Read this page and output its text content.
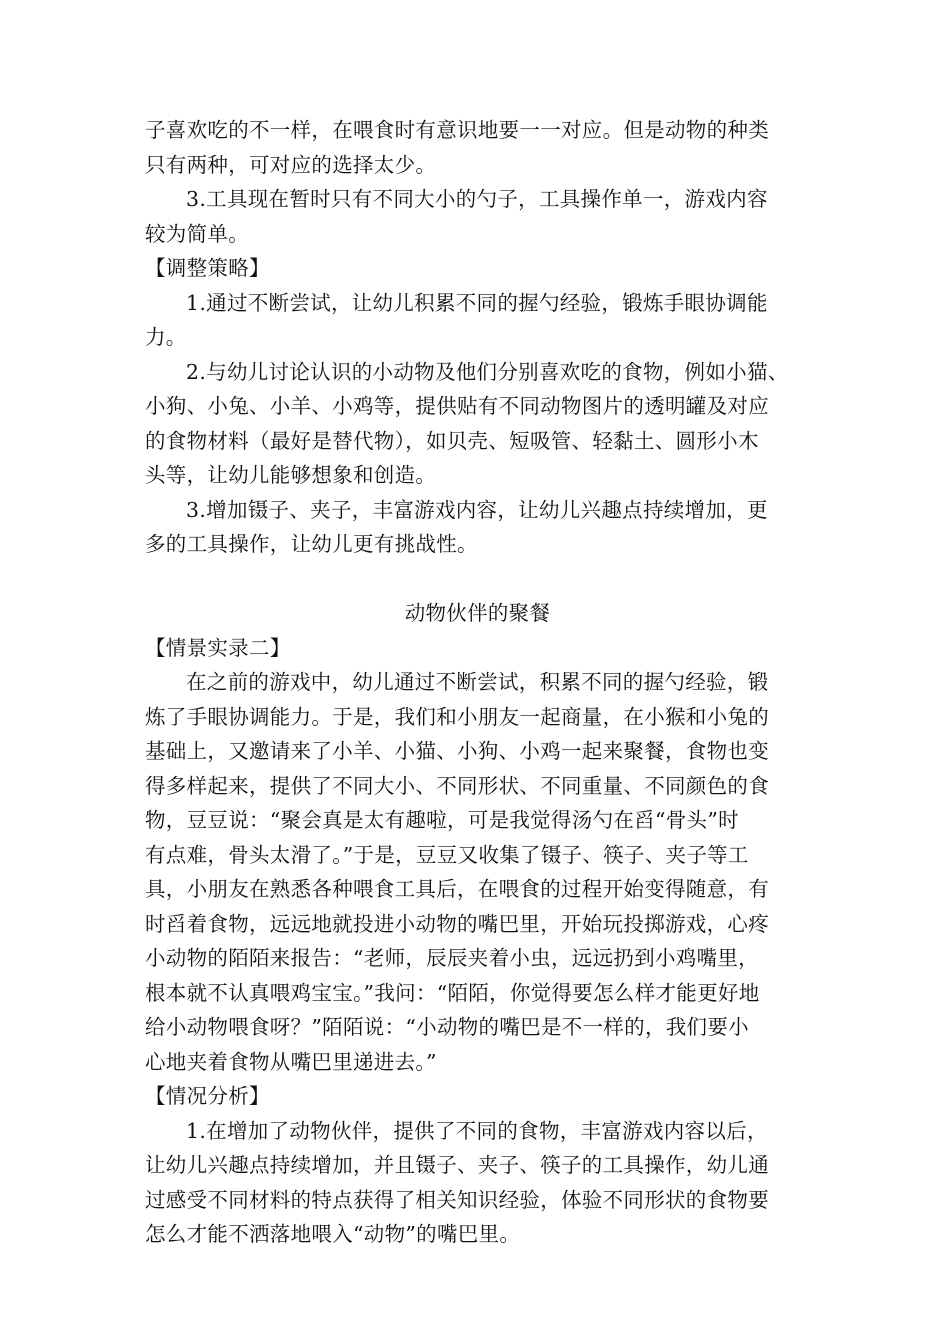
子喜欢吃的不一样，在喂食时有意识地要一一对应。但是动物的种类
只有两种，可对应的选择太少。
3.工具现在暂时只有不同大小的勺子，工具操作单一，游戏内容
较为简单。
【调整策略】
1.通过不断尝试，让幼儿积累不同的握勺经验，锻炼手眼协调能
力。
2.与幼儿讨论认识的小动物及他们分别喜欢吃的食物，例如小猫、
小狗、小兔、小羊、小鸡等，提供贴有不同动物图片的透明罐及对应
的食物材料（最好是替代物），如贝壳、短吸管、轻黏土、圆形小木
头等，让幼儿能够想象和创造。
3.增加镊子、夹子，丰富游戏内容，让幼儿兴趣点持续增加，更
多的工具操作，让幼儿更有挑战性。
动物伙伴的聚餐
【情景实录二】
在之前的游戏中，幼儿通过不断尝试，积累不同的握勺经验，锻
炼了手眼协调能力。于是，我们和小朋友一起商量，在小猴和小兔的
基础上，又邀请来了小羊、小猫、小狗、小鸡一起来聚餐，食物也变
得多样起来，提供了不同大小、不同形状、不同重量、不同颜色的食
物，豆豆说：“聚会真是太有趣啦，可是我觉得汤勺在舀“骨头”时
有点难，骨头太滑了。”于是，豆豆又收集了镊子、筷子、夹子等工
具，小朋友在熟悉各种喂食工具后，在喂食的过程开始变得随意，有
时舀着食物，远远地就投进小动物的嘴巴里，开始玩投掷游戏，心疼
小动物的陌陌来报告：“老师，辰辰夹着小虫，远远扔到小鸡嘴里，
根本就不认真喂鸡宝宝。”我问：“陌陌，你觉得要怎么样才能更好地
给小动物喂食呀？”陌陌说：“小动物的嘴巴是不一样的，我们要小
心地夹着食物从嘴巴里递进去。”
【情况分析】
1.在增加了动物伙伴，提供了不同的食物，丰富游戏内容以后，
让幼儿兴趣点持续增加，并且镊子、夹子、筷子的工具操作，幼儿通
过感受不同材料的特点获得了相关知识经验，体验不同形状的食物要
怎么才能不洒落地喂入“动物”的嘴巴里。
